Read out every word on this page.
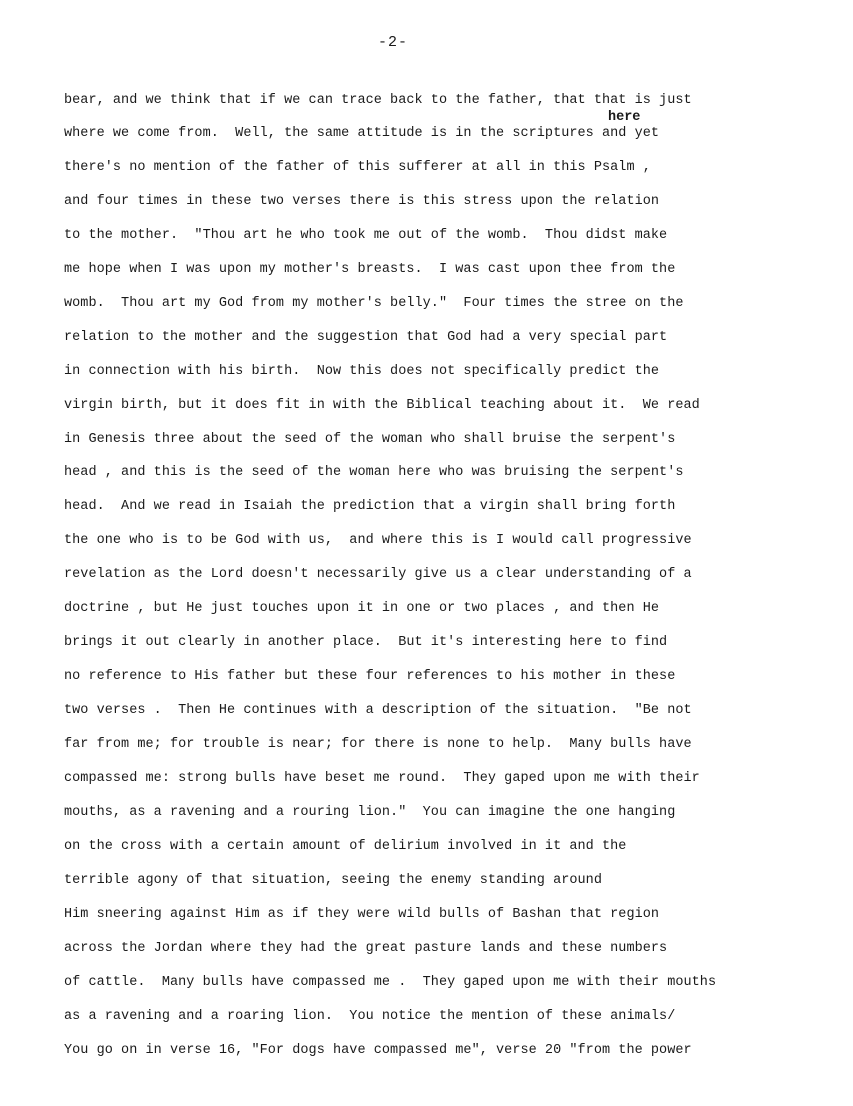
-2-
here
bear, and we think that if we can trace back to the father, that that is just
where we come from.  Well, the same attitude is in the scriptures and yet
there's no mention of the father of this sufferer at all in this Psalm ,
and four times in these two verses there is this stress upon the relation
to the mother.  "Thou art he who took me out of the womb.  Thou didst make
me hope when I was upon my mother's breasts.  I was cast upon thee from the
womb.  Thou art my God from my mother's belly."  Four times the stree on the
relation to the mother and the suggestion that God had a very special part
in connection with his birth.  Now this does not specifically predict the
virgin birth, but it does fit in with the Biblical teaching about it.  We read
in Genesis three about the seed of the woman who shall bruise the serpent's
head , and this is the seed of the woman here who was bruising the serpent's
head.  And we read in Isaiah the prediction that a virgin shall bring forth
the one who is to be God with us,  and where this is I would call progressive
revelation as the Lord doesn't necessarily give us a clear understanding of a
doctrine , but He just touches upon it in one or two places , and then He
brings it out clearly in another place.  But it's interesting here to find
no reference to His father but these four references to his mother in these
two verses .  Then He continues with a description of the situation.  "Be not
far from me; for trouble is near; for there is none to help.  Many bulls have
compassed me: strong bulls have beset me round.  They gaped upon me with their
mouths, as a ravening and a rouring lion."  You can imagine the one hanging
on the cross with a certain amount of delirium involved in it and the
terrible agony of that situation, seeing the enemy standing around
Him sneering against Him as if they were wild bulls of Bashan that region
across the Jordan where they had the great pasture lands and these numbers
of cattle.  Many bulls have compassed me .  They gaped upon me with their mouths
as a ravening and a roaring lion.  You notice the mention of these animals/
You go on in verse 16, "For dogs have compassed me", verse 20 "from the power
